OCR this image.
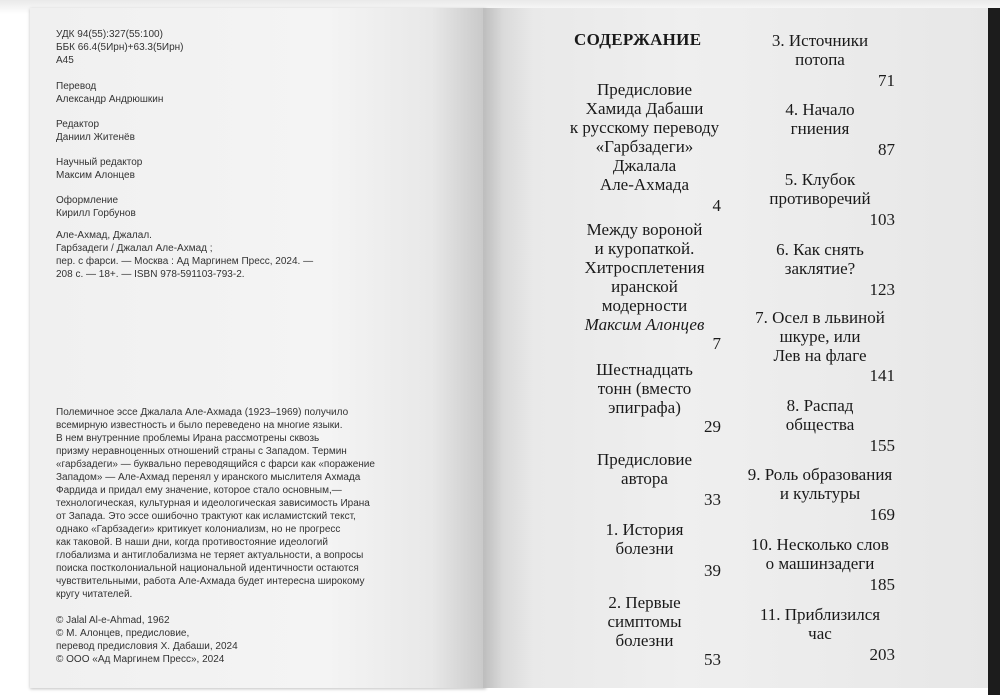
УДК 94(55):327(55:100)
ББК 66.4(5Ирн)+63.3(5Ирн)
А45
Перевод
Александр Андрюшкин
Редактор
Даниил Житенёв
Научный редактор
Максим Алонцев
Оформление
Кирилл Горбунов
Але-Ахмад, Джалал.
Гарбзадеги / Джалал Але-Ахмад ;
пер. с фарси. — Москва : Ад Маргинем Пресс, 2024. —
208 с. — 18+. — ISBN 978-591103-793-2.
Полемичное эссе Джалала Але-Ахмада (1923–1969) получило
всемирную известность и было переведено на многие языки.
В нем внутренние проблемы Ирана рассмотрены сквозь
призму неравноценных отношений страны с Западом. Термин
«гарбзадеги» — буквально переводящийся с фарси как «поражение
Западом» — Але-Ахмад перенял у иранского мыслителя Ахмада
Фардида и придал ему значение, которое стало основным,—
технологическая, культурная и идеологическая зависимость Ирана
от Запада. Это эссе ошибочно трактуют как исламистский текст,
однако «Гарбзадеги» критикует колониализм, но не прогресс
как таковой. В наши дни, когда противостояние идеологий
глобализма и антиглобализма не теряет актуальности, а вопросы
поиска постколониальной национальной идентичности остаются
чувствительными, работа Але-Ахмада будет интересна широкому
кругу читателей.
© Jalal Al-e-Ahmad, 1962
© М. Алонцев, предисловие,
перевод предисловия Х. Дабаши, 2024
© ООО «Ад Маргинем Пресс», 2024
СОДЕРЖАНИЕ
Предисловие
Хамида Дабаши
к русскому переводу
«Гарбзадеги»
Джалала
Але-Ахмада
4
Между вороной
и куропаткой.
Хитросплетения
иранской
модерности
Максим Алонцев
7
Шестнадцать
тонн (вместо
эпиграфа)
29
Предисловие
автора
33
1. История
болезни
39
2. Первые
симптомы
болезни
53
3. Источники
потопа
71
4. Начало
гниения
87
5. Клубок
противоречий
103
6. Как снять
заклятие?
123
7. Осел в львиной
шкуре, или
Лев на флаге
141
8. Распад
общества
155
9. Роль образования
и культуры
169
10. Несколько слов
о машинзадеги
185
11. Приблизился
час
203
